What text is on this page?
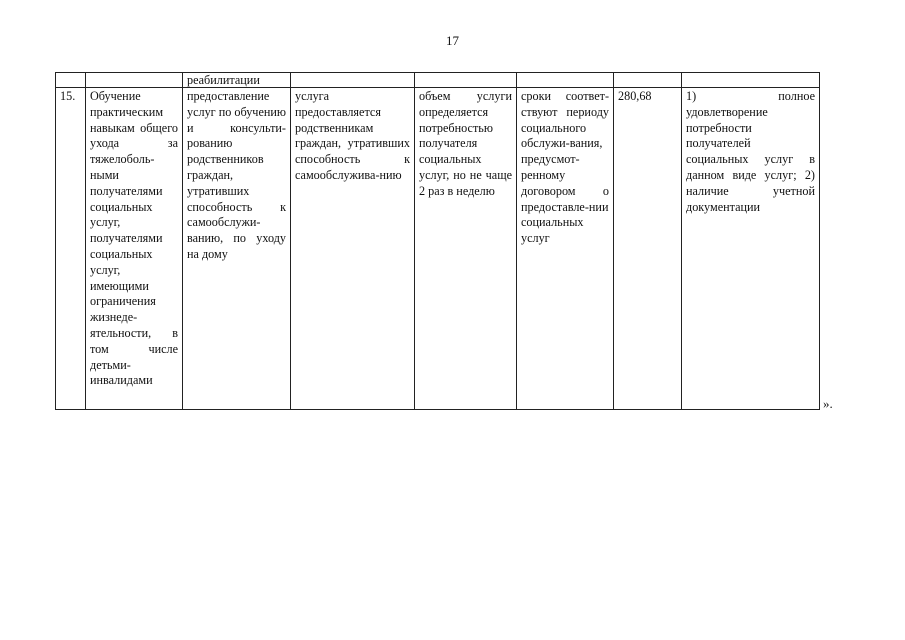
17
		реабилитации					
15.	Обучение практическим навыкам общего ухода за тяжелоболь-ными получателями социальных услуг, получателями социальных услуг, имеющими ограничения жизнеде-ятельности, в том числе детьми-инвалидами	предоставление услуг по обучению и консульти-рованию родственников граждан, утративших способность к самообслужи-ванию, по уходу на дому	услуга предоставляется родственникам граждан, утративших способность к самообслужива-нию	объем услуги определяется потребностью получателя социальных услуг, но не чаще 2 раз в неделю	сроки соответ-ствуют периоду социального обслужи-вания, предусмот-ренному договором о предоставле-нии социальных услуг	280,68	1) полное удовлетворение потребности получателей социальных услуг в данном виде услуг; 2) наличие учетной документации
».
